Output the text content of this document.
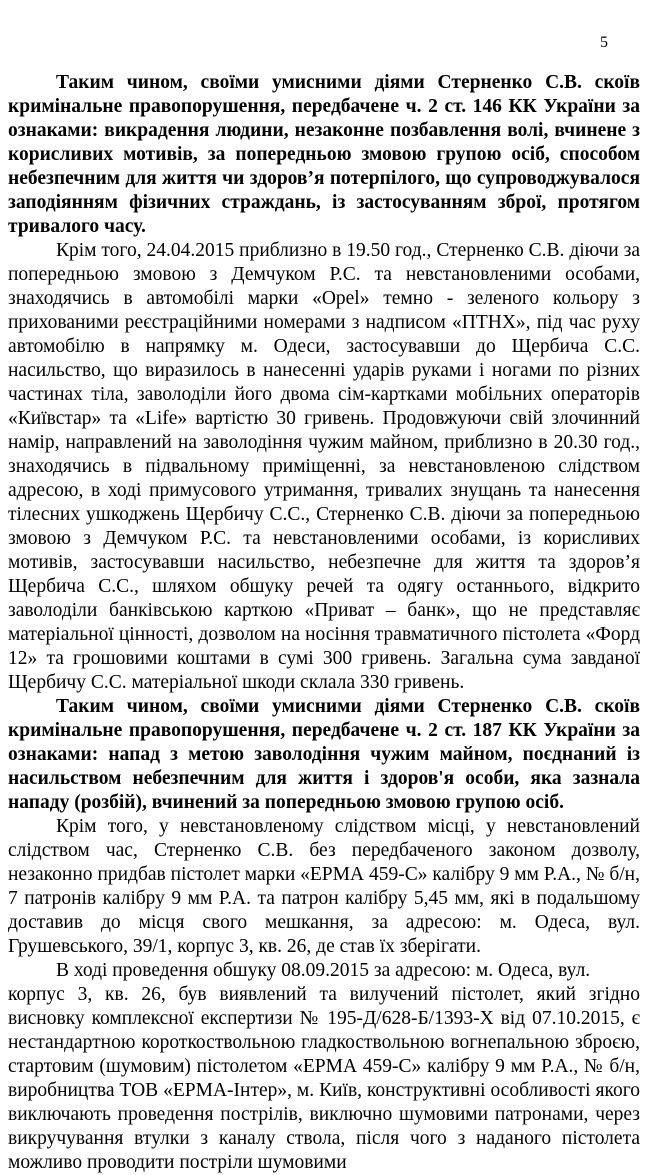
5

Таким чином, своїми умисними діями Стерненко С.В. скоїв кримінальне правопорушення, передбачене ч. 2 ст. 146 КК України за ознаками: викрадення людини, незаконне позбавлення волі, вчинене з корисливих мотивів, за попередньою змовою групою осіб, способом небезпечним для життя чи здоров’я потерпілого, що супроводжувалося заподіянням фізичних страждань, із застосуванням зброї, протягом тривалого часу.

Крім того, 24.04.2015 приблизно в 19.50 год., Стерненко С.В. діючи за попередньою змовою з Демчуком Р.С. та невстановленими особами, знаходячись в автомобілі марки «Opel» темно - зеленого кольору з прихованими реєстраційними номерами з надписом «ПТНХ», під час руху автомобілю в напрямку м. Одеси, застосувавши до Щербича С.С. насильство, що виразилось в нанесенні ударів руками і ногами по різних частинах тіла, заволоділи його двома сім-картками мобільних операторів «Київстар» та «Life» вартістю 30 гривень. Продовжуючи свій злочинний намір, направлений на заволодіння чужим майном, приблизно в 20.30 год., знаходячись в підвальному приміщенні, за невстановленою слідством адресою, в ході примусового утримання, тривалих знущань та нанесення тілесних ушкоджень Щербичу С.С., Стерненко С.В. діючи за попередньою змовою з Демчуком Р.С. та невстановленими особами, із корисливих мотивів, застосувавши насильство, небезпечне для життя та здоров’я Щербича С.С., шляхом обшуку речей та одягу останнього, відкрито заволоділи банківською карткою «Приват – банк», що не представляє матеріальної цінності, дозволом на носіння травматичного пістолета «Форд 12» та грошовими коштами в сумі 300 гривень. Загальна сума завданої Щербичу С.С. матеріальної шкоди склала 330 гривень.

Таким чином, своїми умисними діями Стерненко С.В. скоїв кримінальне правопорушення, передбачене ч. 2 ст. 187 КК України за ознаками: напад з метою заволодіння чужим майном, поєднаний із насильством небезпечним для життя і здоров'я особи, яка зазнала нападу (розбій), вчинений за попередньою змовою групою осіб.

Крім того, у невстановленому слідством місці, у невстановлений слідством час, Стерненко С.В. без передбаченого законом дозволу, незаконно придбав пістолет марки «ЕРМА 459-С» калібру 9 мм Р.А., № б/н, 7 патронів калібру 9 мм Р.А. та патрон калібру 5,45 мм, які в подальшому доставив до місця свого мешкання, за адресою: м. Одеса, вул. Грушевського, 39/1, корпус 3, кв. 26, де став їх зберігати.

В ході проведення обшуку 08.09.2015 за адресою: м. Одеса, вул.
корпус 3, кв. 26, був виявлений та вилучений пістолет, який згідно висновку комплексної експертизи № 195-Д/628-Б/1393-Х від 07.10.2015, є нестандартною короткоствольною гладкоствольною вогнепальною зброєю, стартовим (шумовим) пістолетом «ЕРМА 459-С» калібру 9 мм Р.А., № б/н, виробництва ТОВ «ЕРМА-Інтер», м. Київ, конструктивні особливості якого виключають проведення пострілів, виключно шумовими патронами, через викручування втулки з каналу ствола, після чого з наданого пістолета можливо проводити постріли шумовими
